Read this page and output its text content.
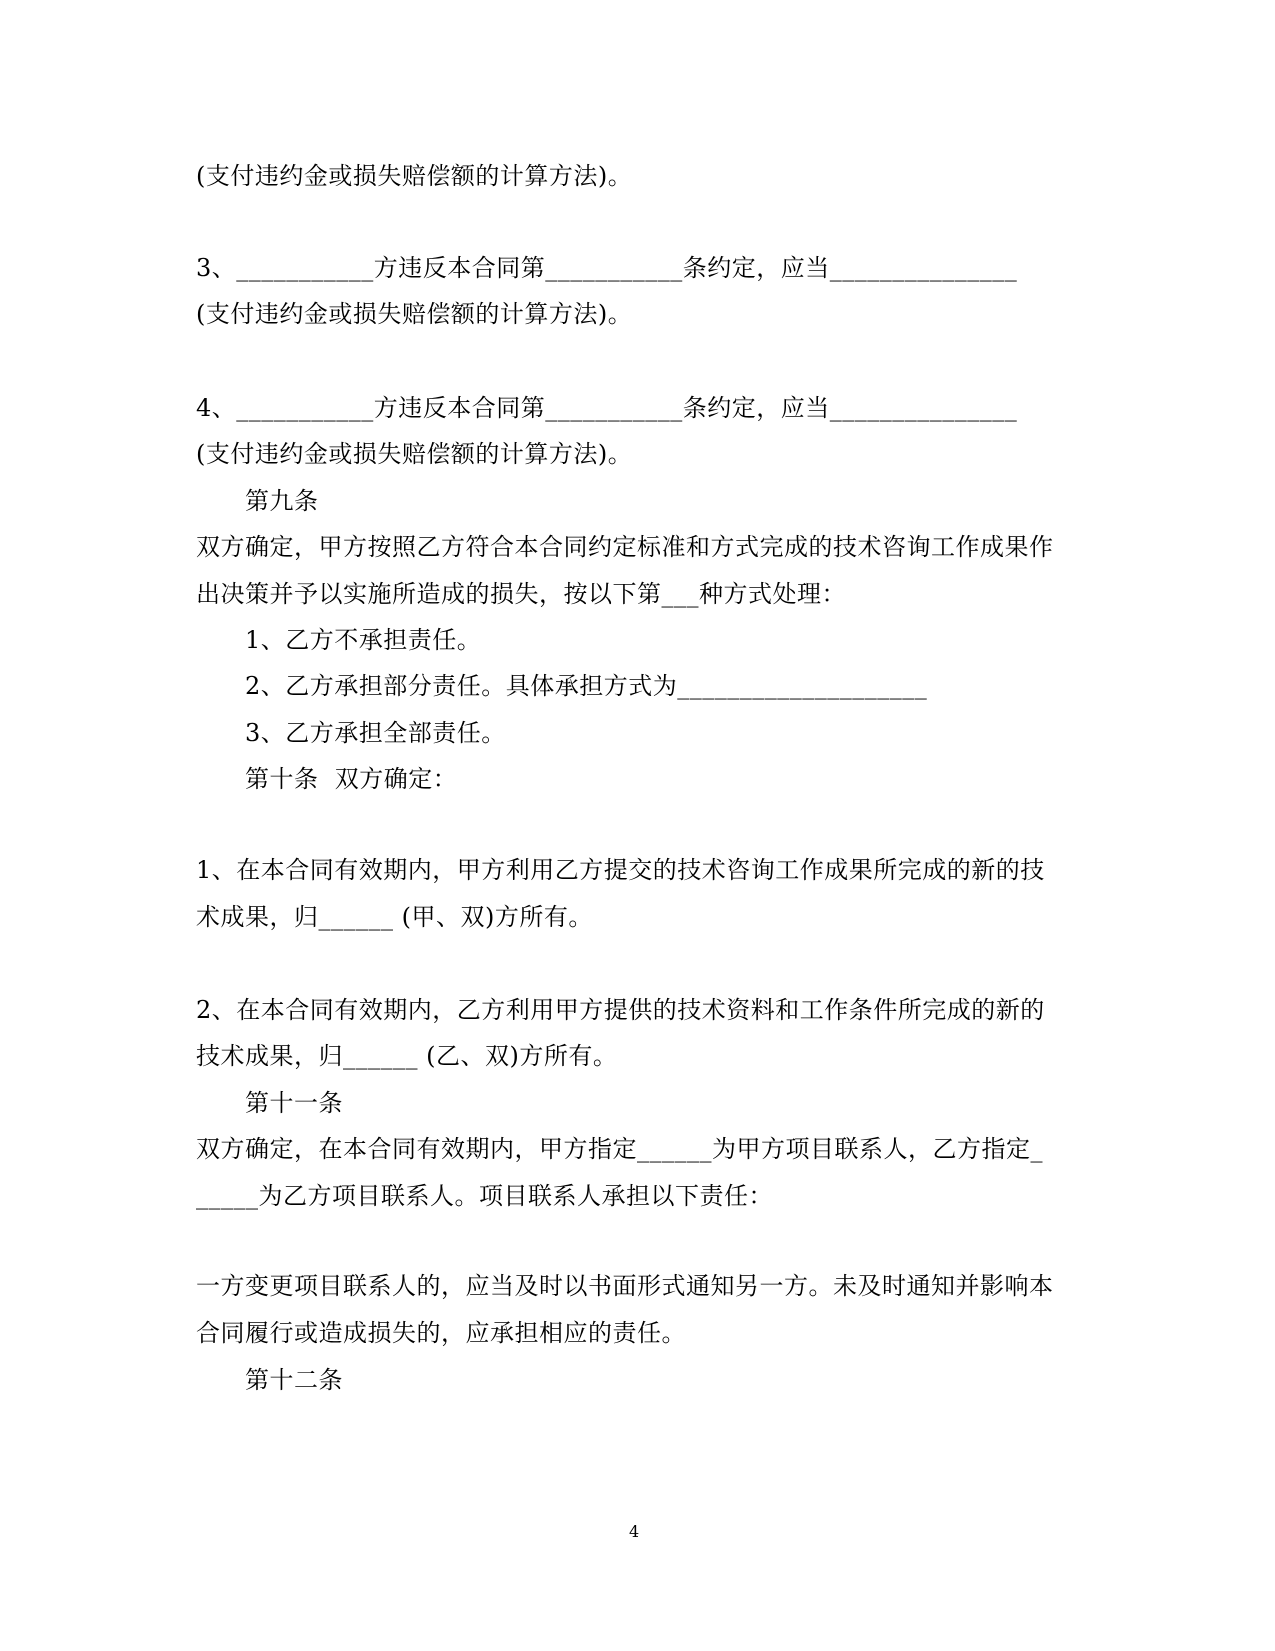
(支付违约金或损失赔偿额的计算方法)。
3、___________方违反本合同第___________条约定，应当_______________
(支付违约金或损失赔偿额的计算方法)。
4、___________方违反本合同第___________条约定，应当_______________
(支付违约金或损失赔偿额的计算方法)。
第九条
双方确定，甲方按照乙方符合本合同约定标准和方式完成的技术咨询工作成果作
出决策并予以实施所造成的损失，按以下第___种方式处理：
1、乙方不承担责任。
2、乙方承担部分责任。具体承担方式为____________________
3、乙方承担全部责任。
第十条  双方确定：
1、在本合同有效期内，甲方利用乙方提交的技术咨询工作成果所完成的新的技
术成果，归______ (甲、双)方所有。
2、在本合同有效期内，乙方利用甲方提供的技术资料和工作条件所完成的新的
技术成果，归______ (乙、双)方所有。
第十一条
双方确定，在本合同有效期内，甲方指定______为甲方项目联系人，乙方指定_
_____为乙方项目联系人。项目联系人承担以下责任：
一方变更项目联系人的，应当及时以书面形式通知另一方。未及时通知并影响本
合同履行或造成损失的，应承担相应的责任。
第十二条
4
